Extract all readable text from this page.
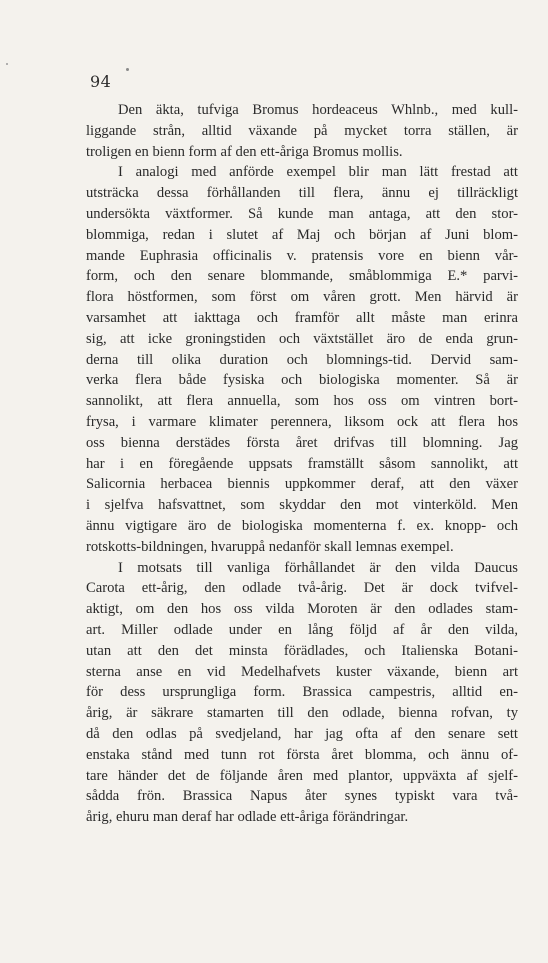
94
Den äkta, tufviga Bromus hordeaceus Whlnb., med kull-
liggande strån, alltid växande på mycket torra ställen, är
troligen en bienn form af den ett-åriga Bromus mollis.
I analogi med anförde exempel blir man lätt frestad att
utsträcka dessa förhållanden till flera, ännu ej tillräckligt
undersökta växtformer. Så kunde man antaga, att den stor-
blommiga, redan i slutet af Maj och början af Juni blom-
mande Euphrasia officinalis v. pratensis vore en bienn vår-
form, och den senare blommande, småblommiga E.* parvi-
flora höstformen, som först om våren grott. Men härvid är
varsamhet att iakttaga och framför allt måste man erinra
sig, att icke groningstiden och växtstället äro de enda grun-
derna till olika duration och blomnings-tid. Dervid sam-
verka flera både fysiska och biologiska momenter. Så är
sannolikt, att flera annuella, som hos oss om vintren bort-
frysa, i varmare klimater perennera, liksom ock att flera hos
oss bienna derstädes första året drifvas till blomning. Jag
har i en föregående uppsats framställt såsom sannolikt, att
Salicornia herbacea biennis uppkommer deraf, att den växer
i sjelfva hafsvattnet, som skyddar den mot vinterköld. Men
ännu vigtigare äro de biologiska momenterna f. ex. knopp- och
rotskotts-bildningen, hvaruppå nedanför skall lemnas exempel.
I motsats till vanliga förhållandet är den vilda Daucus
Carota ett-årig, den odlade två-årig. Det är dock tvifvel-
aktigt, om den hos oss vilda Moroten är den odlades stam-
art. Miller odlade under en lång följd af år den vilda,
utan att den det minsta förädlades, och Italienska Botani-
sterna anse en vid Medelhafvets kuster växande, bienn art
för dess ursprungliga form. Brassica campestris, alltid en-
årig, är säkrare stamarten till den odlade, bienna rofvan, ty
då den odlas på svedjeland, har jag ofta af den senare sett
enstaka stånd med tunn rot första året blomma, och ännu of-
tare händer det de följande åren med plantor, uppväxta af sjelf-
sådda frön. Brassica Napus åter synes typiskt vara två-
årig, ehuru man deraf har odlade ett-åriga förändringar.
